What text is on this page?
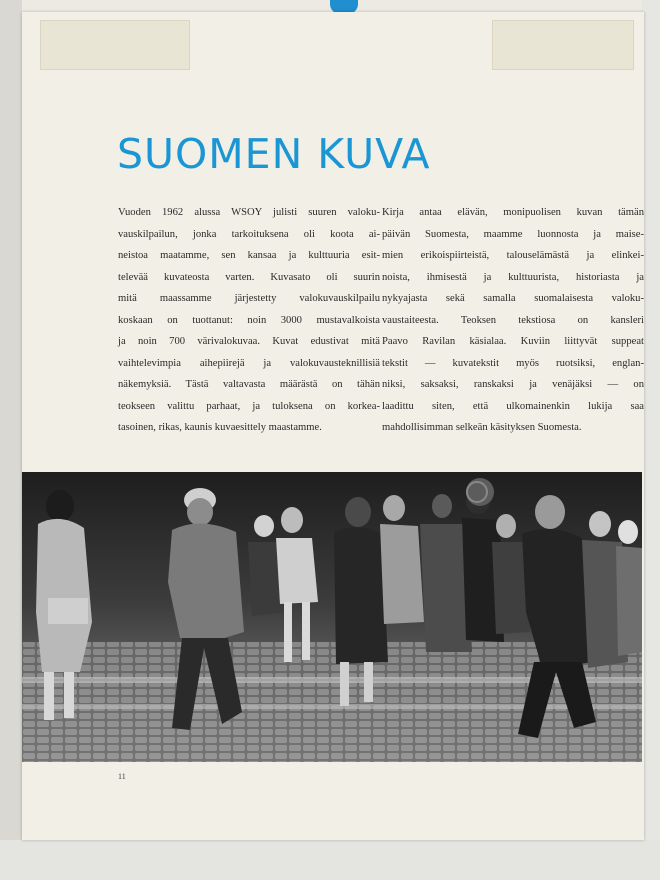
SUOMEN KUVA
Vuoden 1962 alussa WSOY julisti suuren valoku-
vauskilpailun, jonka tarkoituksena oli koota ai-
neistoa maatamme, sen kansaa ja kulttuuria esit-
televää kuvateosta varten. Kuvasato oli suurin
mitä maassamme järjestetty valokuvauskilpailu
koskaan on tuottanut: noin 3000 mustavalkoista
ja noin 700 värivalokuvaa. Kuvat edustivat mitä
vaihtelevimpia aihepiirejä ja valokuvausteknillisiä
näkemyksiä. Tästä valtavasta määrästä on tähän
teokseen valittu parhaat, ja tuloksena on korkea-
tasoinen, rikas, kaunis kuvaesittely maastamme.
Kirja antaa elävän, monipuolisen kuvan tämän
päivän Suomesta, maamme luonnosta ja maise-
mien erikoispiirteistä, talouselämästä ja elinkei-
noista, ihmisestä ja kulttuurista, historiasta ja
nykyajasta sekä samalla suomalaisesta valoku-
vaustaiteesta. Teoksen tekstiosa on kansleri
Paavo Ravilan käsialaa. Kuviin liittyvät suppeat
tekstit — kuvatekstit myös ruotsiksi, englan-
niksi, saksaksi, ranskaksi ja venäjäksi — on
laadittu siten, että ulkomainenkin lukija saa
mahdollisimman selkeän käsityksen Suomesta.
11
